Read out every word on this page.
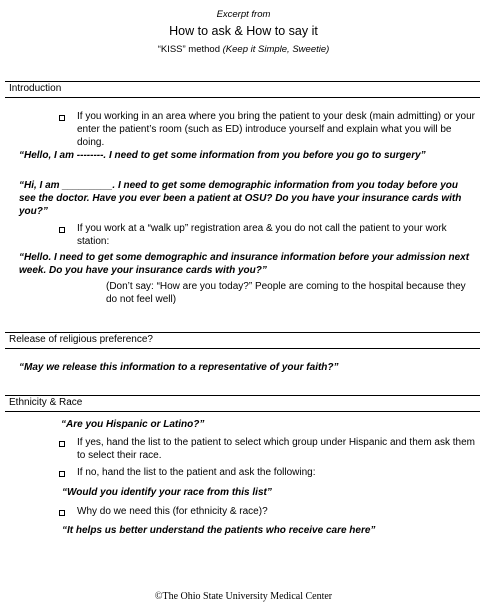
Excerpt from
How to ask & How to say it
“KISS” method (Keep it Simple, Sweetie)
Introduction
If you working in an area where you bring the patient to your desk (main admitting) or your enter the patient’s room (such as ED) introduce yourself and explain what you will be doing.
“Hello, I am --------. I need to get some information from you before you go to surgery”
“Hi, I am _________. I need to get some demographic information from you today before you see the doctor. Have you ever been a patient at OSU? Do you have your insurance cards with you?”
If you work at a “walk up” registration area & you do not call the patient to your work station:
“Hello. I need to get some demographic and insurance information before your admission next week. Do you have your insurance cards with you?”
(Don’t say: “How are you today?” People are coming to the hospital because they do not feel well)
Release of religious preference?
“May we release this information to a representative of your faith?”
Ethnicity & Race
“Are you Hispanic or Latino?”
If yes, hand the list to the patient to select which group under Hispanic and them ask them to select their race.
If no, hand the list to the patient and ask the following:
“Would you identify your race from this list”
Why do we need this (for ethnicity & race)?
“It helps us better understand the patients who receive care here”
©The Ohio State University Medical Center
